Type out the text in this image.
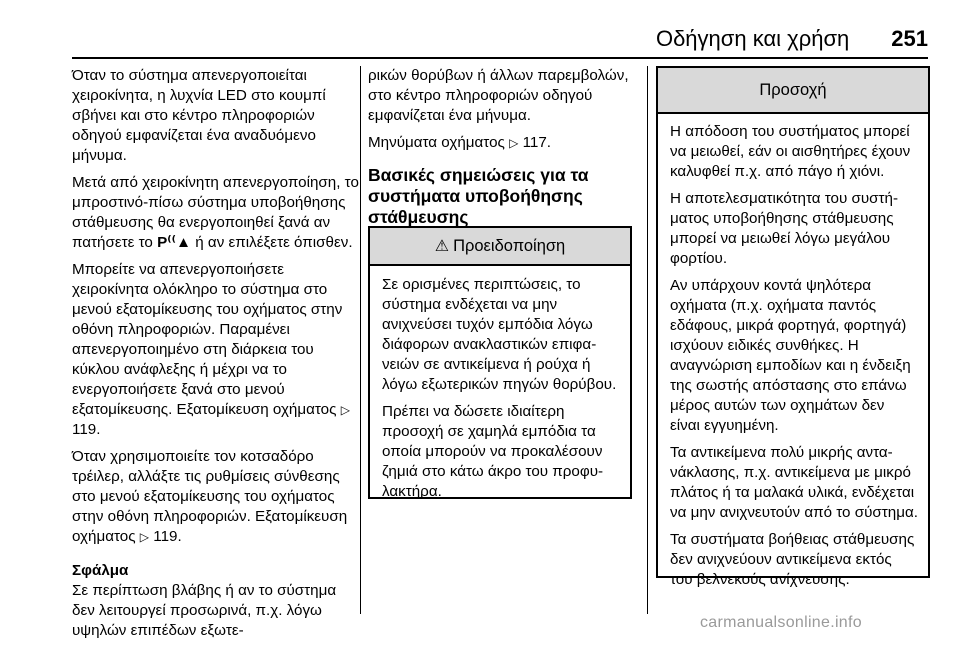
Οδήγηση και χρήση 251

Όταν το σύστημα απενεργοποιείται χειροκίνητα, η λυχνία LED στο κουμπί σβήνει και στο κέντρο πληροφοριών οδηγού εμφανίζεται ένα αναδυόμενο μήνυμα.

Μετά από χειροκίνητη απενεργοποίηση, το μπροστινό-πίσω σύστημα υποβοήθησης στάθμευσης θα ενεργοποιηθεί ξανά αν πατήσετε το P⁽⁽▲ ή αν επιλέξετε όπισθεν.

Μπορείτε να απενεργοποιήσετε χειροκίνητα ολόκληρο το σύστημα στο μενού εξατομίκευσης του οχήματος στην οθόνη πληροφοριών. Παραμένει απενεργοποιημένο στη διάρκεια του κύκλου ανάφλεξης ή μέχρι να το ενεργοποιήσετε ξανά στο μενού εξατομίκευσης. Εξατομίκευση οχήματος ▷ 119.

Όταν χρησιμοποιείτε τον κοτσαδόρο τρέιλερ, αλλάξτε τις ρυθμίσεις σύνθεσης στο μενού εξατομίκευσης του οχήματος στην οθόνη πληροφοριών. Εξατομίκευση οχήματος ▷ 119.

Σφάλμα

Σε περίπτωση βλάβης ή αν το σύστημα δεν λειτουργεί προσωρινά, π.χ. λόγω υψηλών επιπέδων εξωτε-

ρικών θορύβων ή άλλων παρεμβολών, στο κέντρο πληροφοριών οδηγού εμφανίζεται ένα μήνυμα.

Μηνύματα οχήματος ▷ 117.

Βασικές σημειώσεις για τα συστήματα υποβοήθησης στάθμευσης
⚠ Προειδοποίηση

Σε ορισμένες περιπτώσεις, το σύστημα ενδέχεται να μην ανιχνεύσει τυχόν εμπόδια λόγω διάφορων ανακλαστικών επιφανειών σε αντικείμενα ή ρούχα ή λόγω εξωτερικών πηγών θορύβου.

Πρέπει να δώσετε ιδιαίτερη προσοχή σε χαμηλά εμπόδια τα οποία μπορούν να προκαλέσουν ζημιά στο κάτω άκρο του προφυλακτήρα.

Προσοχή

Η απόδοση του συστήματος μπορεί να μειωθεί, εάν οι αισθητήρες έχουν καλυφθεί π.χ. από πάγο ή χιόνι.

Η αποτελεσματικότητα του συστήματος υποβοήθησης στάθμευσης μπορεί να μειωθεί λόγω μεγάλου φορτίου.

Αν υπάρχουν κοντά ψηλότερα οχήματα (π.χ. οχήματα παντός εδάφους, μικρά φορτηγά, φορτηγά) ισχύουν ειδικές συνθήκες. Η αναγνώριση εμποδίων και η ένδειξη της σωστής απόστασης στο επάνω μέρος αυτών των οχημάτων δεν είναι εγγυημένη.

Τα αντικείμενα πολύ μικρής αντανάκλασης, π.χ. αντικείμενα με μικρό πλάτος ή τα μαλακά υλικά, ενδέχεται να μην ανιχνευτούν από το σύστημα.

Τα συστήματα βοήθειας στάθμευσης δεν ανιχνεύουν αντικείμενα εκτός του βελνεκούς ανίχνευσης.

carmanualsonline.info
